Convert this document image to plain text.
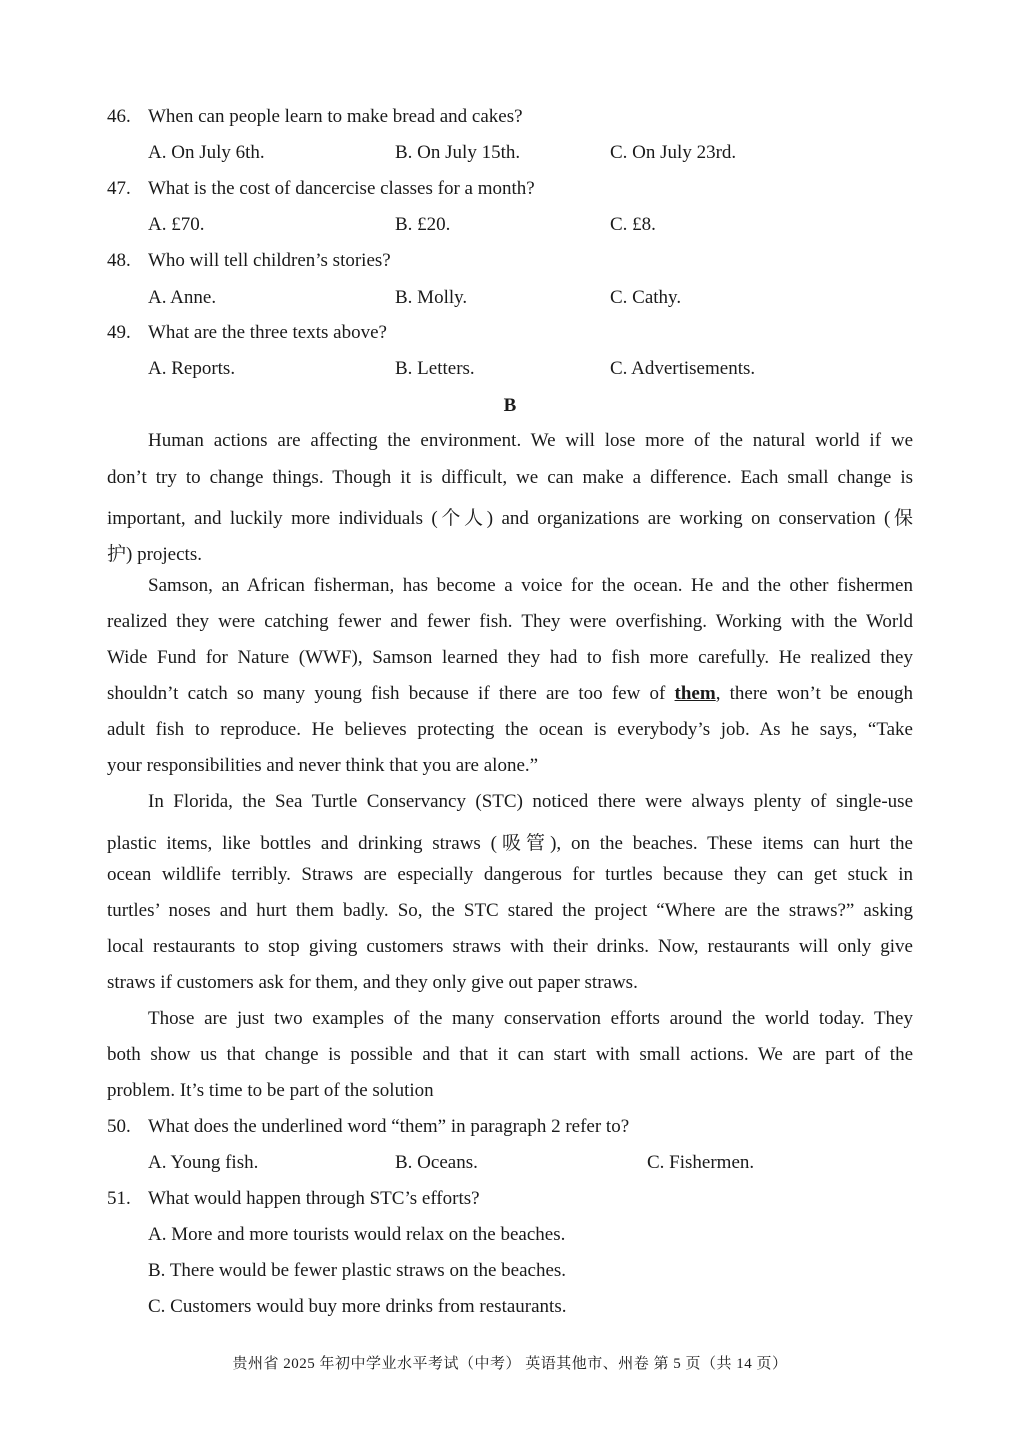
46. When can people learn to make bread and cakes?
A. On July 6th.	B. On July 15th.	C. On July 23rd.
47. What is the cost of dancercise classes for a month?
A. £70.	B. £20.	C. £8.
48. Who will tell children’s stories?
A. Anne.	B. Molly.	C. Cathy.
49. What are the three texts above?
A. Reports.	B. Letters.	C. Advertisements.
B
Human actions are affecting the environment. We will lose more of the natural world if we
don’t try to change things. Though it is difficult, we can make a difference. Each small change is
important, and luckily more individuals (个人) and organizations are working on conservation (保
护) projects.
Samson, an African fisherman, has become a voice for the ocean. He and the other fishermen
realized they were catching fewer and fewer fish. They were overfishing. Working with the World
Wide Fund for Nature (WWF), Samson learned they had to fish more carefully. He realized they
shouldn’t catch so many young fish because if there are too few of them, there won’t be enough
adult fish to reproduce. He believes protecting the ocean is everybody’s job. As he says, “Take
your responsibilities and never think that you are alone.”
In Florida, the Sea Turtle Conservancy (STC) noticed there were always plenty of single-use
plastic items, like bottles and drinking straws (吸管), on the beaches. These items can hurt the
ocean wildlife terribly. Straws are especially dangerous for turtles because they can get stuck in
turtles’ noses and hurt them badly. So, the STC stared the project “Where are the straws?” asking
local restaurants to stop giving customers straws with their drinks. Now, restaurants will only give
straws if customers ask for them, and they only give out paper straws.
Those are just two examples of the many conservation efforts around the world today. They
both show us that change is possible and that it can start with small actions. We are part of the
problem. It’s time to be part of the solution
50. What does the underlined word “them” in paragraph 2 refer to?
A. Young fish.	B. Oceans.	C. Fishermen.
51. What would happen through STC’s efforts?
A. More and more tourists would relax on the beaches.
B. There would be fewer plastic straws on the beaches.
C. Customers would buy more drinks from restaurants.
贵州省 2025 年初中学业水平考试（中考） 英语其他市、州卷 第 5 页（共 14 页）
